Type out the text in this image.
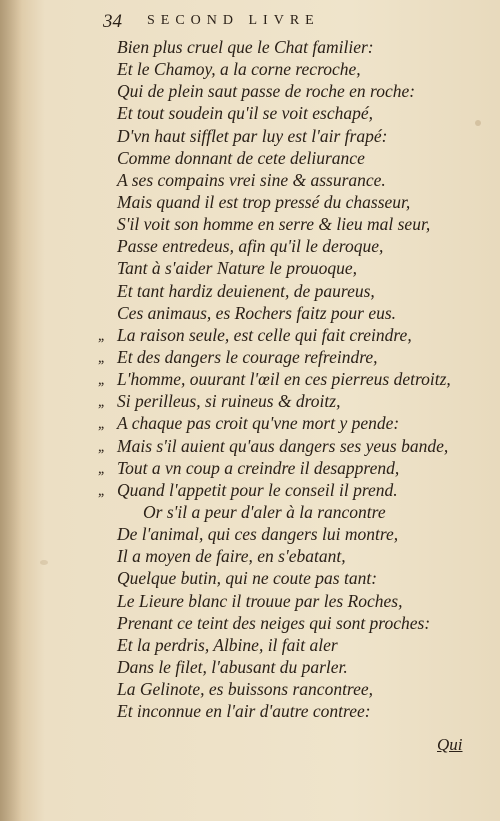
34 SECOND LIVRE
Bien plus cruel que le Chat familier:
Et le Chamoy, a la corne recroche,
Qui de plein saut passe de roche en roche:
Et tout soudein qu'il se voit eschapé,
D'vn haut sifflet par luy est l'air frapé:
Comme donnant de cete deliurance
A ses compains vrei sine & assurance.
Mais quand il est trop pressé du chasseur,
S'il voit son homme en serre & lieu mal seur,
Passe entredeus, afin qu'il le deroque,
Tant à s'aider Nature le prouoque,
Et tant hardiz deuienent, de paureus,
Ces animaus, es Rochers faitz pour eus.
,, La raison seule, est celle qui fait creindre,
,, Et des dangers le courage refreindre,
,, L'homme, ouurant l'œil en ces pierreus detroitz,
,, Si perilleus, si ruineus & droitz,
,, A chaque pas croit qu'vne mort y pende:
,, Mais s'il auient qu'aus dangers ses yeus bande,
,, Tout a vn coup a creindre il desapprend,
,, Quand l'appetit pour le conseil il prend.
Or s'il a peur d'aler à la rancontre
De l'animal, qui ces dangers lui montre,
Il a moyen de faire, en s'ebatant,
Quelque butin, qui ne coute pas tant:
Le Lieure blanc il trouue par les Roches,
Prenant ce teint des neiges qui sont proches:
Et la perdris, Albine, il fait aler
Dans le filet, l'abusant du parler.
La Gelinote, es buissons rancontree,
Et inconnue en l'air d'autre contree:
Qui
